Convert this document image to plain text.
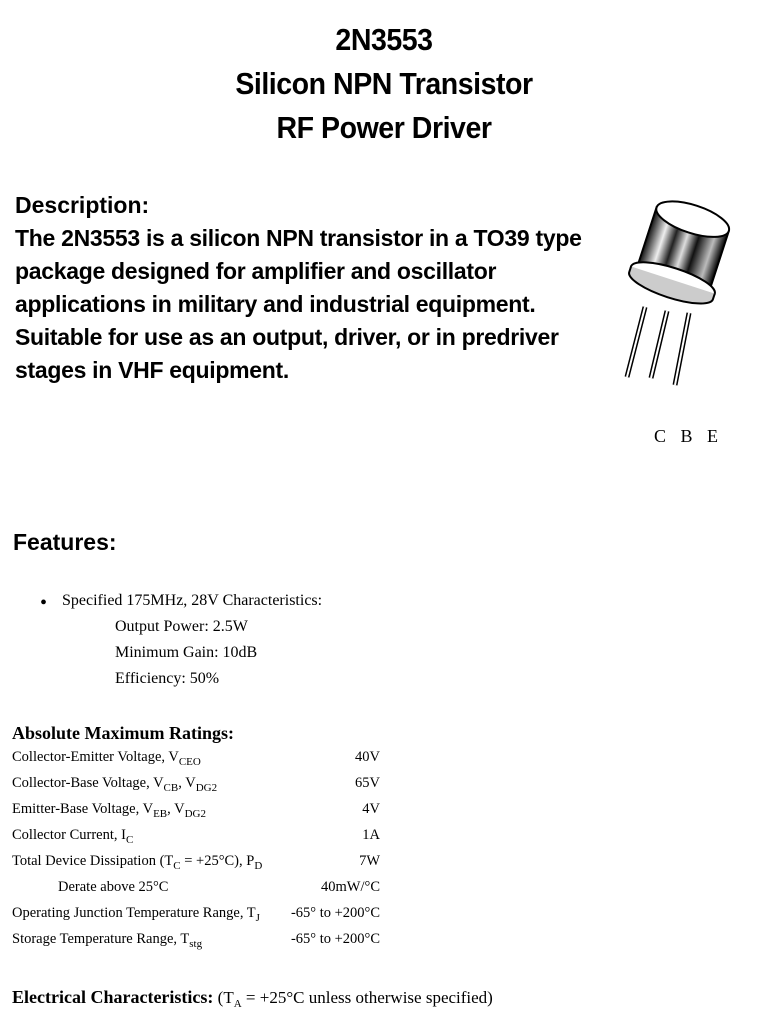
2N3553
Silicon NPN Transistor
RF Power Driver
Description:
The 2N3553 is a silicon NPN transistor in a TO39 type
package designed for amplifier and oscillator
applications in military and industrial equipment.
Suitable for use as an output, driver, or in predriver
stages in VHF equipment.
C B E
Features:
• Specified 175MHz, 28V Characteristics:
Output Power: 2.5W
Minimum Gain: 10dB
Efficiency: 50%
Absolute Maximum Ratings:
Collector-Emitter Voltage, $V_{CEO}$	40V
Collector-Base Voltage, $V_{CB}$, $V_{DG2}$	65V
Emitter-Base Voltage, $V_{EB}$, $V_{DG2}$	4V
Collector Current, $I_C$	1A
Total Device Dissipation $(T_C = +25^\circ C)$, $P_D$	7W
Derate above 25°C	40mW/°C
Operating Junction Temperature Range, $T_J$ -65° to +200°C
Storage Temperature Range, $T_{stg}$	-65° to +200°C
Electrical Characteristics: ($T_A = +25^\circ C$ unless otherwise specified)
